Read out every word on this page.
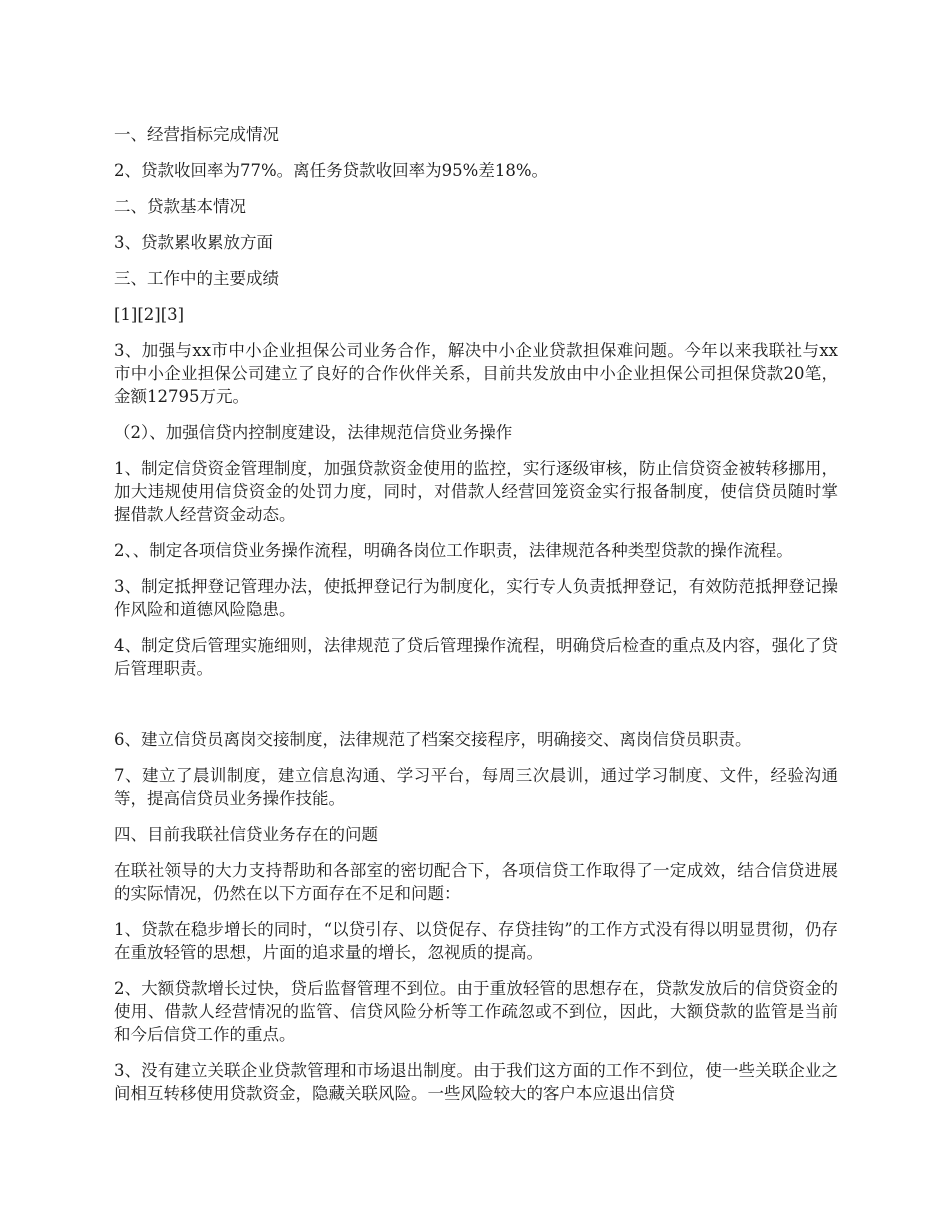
一、经营指标完成情况

2、贷款收回率为77%。离任务贷款收回率为95%差18%。

二、贷款基本情况

3、贷款累收累放方面

三、工作中的主要成绩

[1][2][3]

3、加强与xx市中小企业担保公司业务合作，解决中小企业贷款担保难问题。今年以来我联社与xx市中小企业担保公司建立了良好的合作伙伴关系，目前共发放由中小企业担保公司担保贷款20笔，金额12795万元。

（2）、加强信贷内控制度建设，法律规范信贷业务操作

1、制定信贷资金管理制度，加强贷款资金使用的监控，实行逐级审核，防止信贷资金被转移挪用，加大违规使用信贷资金的处罚力度，同时，对借款人经营回笼资金实行报备制度，使信贷员随时掌握借款人经营资金动态。

2、、制定各项信贷业务操作流程，明确各岗位工作职责，法律规范各种类型贷款的操作流程。

3、制定抵押登记管理办法，使抵押登记行为制度化，实行专人负责抵押登记，有效防范抵押登记操作风险和道德风险隐患。

4、制定贷后管理实施细则，法律规范了贷后管理操作流程，明确贷后检查的重点及内容，强化了贷后管理职责。

6、建立信贷员离岗交接制度，法律规范了档案交接程序，明确接交、离岗信贷员职责。

7、建立了晨训制度，建立信息沟通、学习平台，每周三次晨训，通过学习制度、文件，经验沟通等，提高信贷员业务操作技能。

四、目前我联社信贷业务存在的问题

在联社领导的大力支持帮助和各部室的密切配合下，各项信贷工作取得了一定成效，结合信贷进展的实际情况，仍然在以下方面存在不足和问题：

1、贷款在稳步增长的同时，“以贷引存、以贷促存、存贷挂钩”的工作方式没有得以明显贯彻，仍存在重放轻管的思想，片面的追求量的增长，忽视质的提高。

2、大额贷款增长过快，贷后监督管理不到位。由于重放轻管的思想存在，贷款发放后的信贷资金的使用、借款人经营情况的监管、信贷风险分析等工作疏忽或不到位，因此，大额贷款的监管是当前和今后信贷工作的重点。

3、没有建立关联企业贷款管理和市场退出制度。由于我们这方面的工作不到位，使一些关联企业之间相互转移使用贷款资金，隐藏关联风险。一些风险较大的客户本应退出信贷
